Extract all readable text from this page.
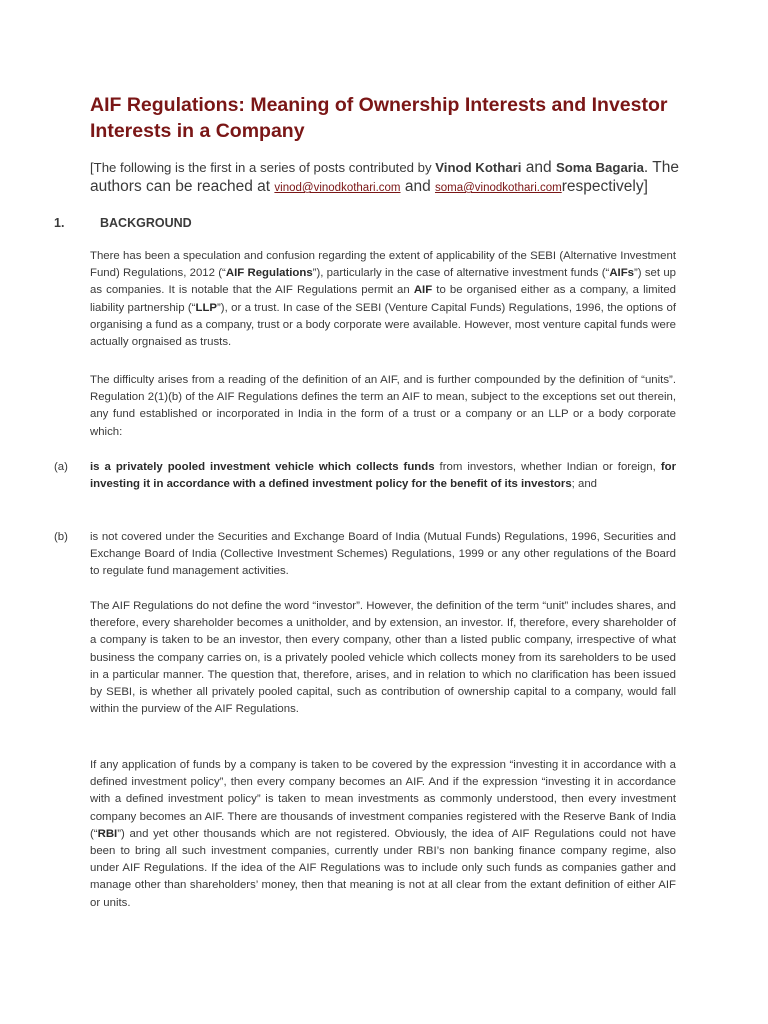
AIF Regulations: Meaning of Ownership Interests and Investor Interests in a Company
[The following is the first in a series of posts contributed by Vinod Kothari and Soma Bagaria. The authors can be reached at vinod@vinodkothari.com and soma@vinodkothari.comrespectively]
1.	BACKGROUND

There has been a speculation and confusion regarding the extent of applicability of the SEBI (Alternative Investment Fund) Regulations, 2012 (“AIF Regulations”), particularly in the case of alternative investment funds (“AIFs”) set up as companies. It is notable that the AIF Regulations permit an AIF to be organised either as a company, a limited liability partnership (“LLP”), or a trust. In case of the SEBI (Venture Capital Funds) Regulations, 1996, the options of organising a fund as a company, trust or a body corporate were available. However, most venture capital funds were actually orgnaised as trusts.

The difficulty arises from a reading of the definition of an AIF, and is further compounded by the definition of “units”. Regulation 2(1)(b) of the AIF Regulations defines the term an AIF to mean, subject to the exceptions set out therein, any fund established or incorporated in India in the form of a trust or a company or an LLP or a body corporate which:

(a) is a privately pooled investment vehicle which collects funds from investors, whether Indian or foreign, for investing it in accordance with a defined investment policy for the benefit of its investors; and
(b) is not covered under the Securities and Exchange Board of India (Mutual Funds) Regulations, 1996, Securities and Exchange Board of India (Collective Investment Schemes) Regulations, 1999 or any other regulations of the Board to regulate fund management activities.

The AIF Regulations do not define the word “investor”. However, the definition of the term “unit” includes shares, and therefore, every shareholder becomes a unitholder, and by extension, an investor. If, therefore, every shareholder of a company is taken to be an investor, then every company, other than a listed public company, irrespective of what business the company carries on, is a privately pooled vehicle which collects money from its sareholders to be used in a particular manner. The question that, therefore, arises, and in relation to which no clarification has been issued by SEBI, is whether all privately pooled capital, such as contribution of ownership capital to a company, would fall within the purview of the AIF Regulations.

If any application of funds by a company is taken to be covered by the expression “investing it in accordance with a defined investment policy”, then every company becomes an AIF. And if the expression “investing it in accordance with a defined investment policy” is taken to mean investments as commonly understood, then every investment company becomes an AIF. There are thousands of investment companies registered with the Reserve Bank of India (“RBI”) and yet other thousands which are not registered. Obviously, the idea of AIF Regulations could not have been to bring all such investment companies, currently under RBI’s non banking finance company regime, also under AIF Regulations. If the idea of the AIF Regulations was to include only such funds as companies gather and manage other than shareholders’ money, then that meaning is not at all clear from the extant definition of either AIF or units.
